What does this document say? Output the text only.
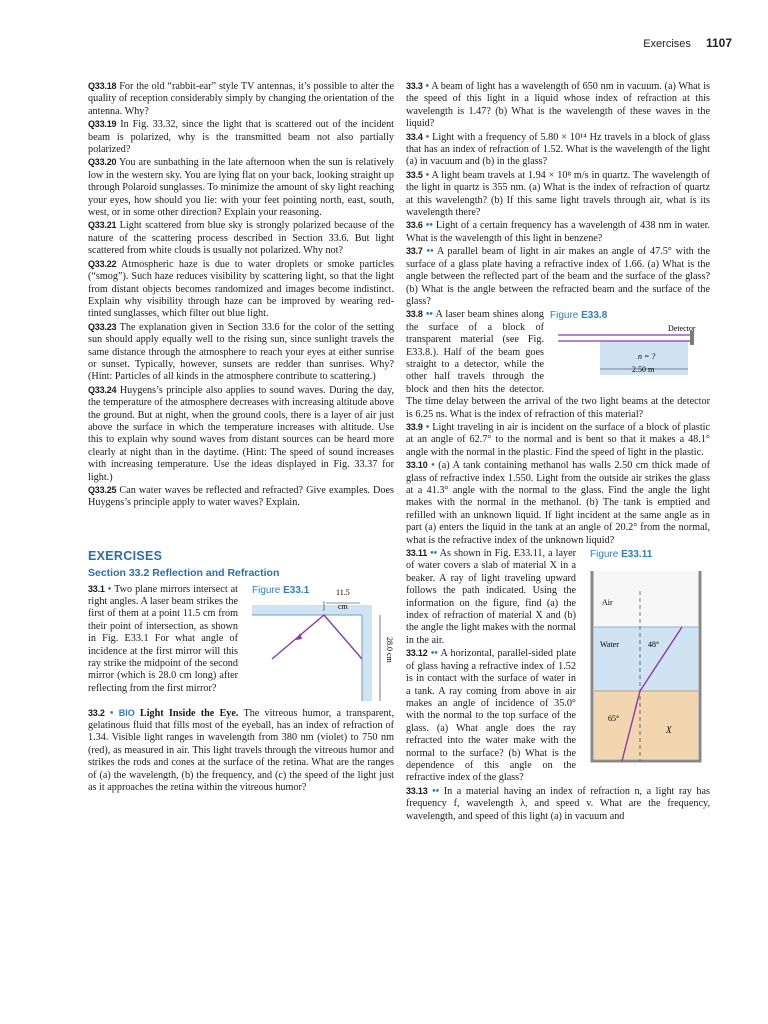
Exercises 1107
Q33.18 For the old “rabbit-ear” style TV antennas, it’s possible to alter the quality of reception considerably simply by changing the orientation of the antenna. Why?
Q33.19 In Fig. 33.32, since the light that is scattered out of the incident beam is polarized, why is the transmitted beam not also partially polarized?
Q33.20 You are sunbathing in the late afternoon when the sun is relatively low in the western sky. You are lying flat on your back, looking straight up through Polaroid sunglasses. To minimize the amount of sky light reaching your eyes, how should you lie: with your feet pointing north, east, south, west, or in some other direction? Explain your reasoning.
Q33.21 Light scattered from blue sky is strongly polarized because of the nature of the scattering process described in Section 33.6. But light scattered from white clouds is usually not polarized. Why not?
Q33.22 Atmospheric haze is due to water droplets or smoke particles (“smog”). Such haze reduces visibility by scattering light, so that the light from distant objects becomes randomized and images become indistinct. Explain why visibility through haze can be improved by wearing red-tinted sunglasses, which filter out blue light.
Q33.23 The explanation given in Section 33.6 for the color of the setting sun should apply equally well to the rising sun, since sunlight travels the same distance through the atmosphere to reach your eyes at either sunrise or sunset. Typically, however, sunsets are redder than sunrises. Why? (Hint: Particles of all kinds in the atmosphere contribute to scattering.)
Q33.24 Huygens’s principle also applies to sound waves. During the day, the temperature of the atmosphere decreases with increasing altitude above the ground. But at night, when the ground cools, there is a layer of air just above the surface in which the temperature increases with altitude. Use this to explain why sound waves from distant sources can be heard more clearly at night than in the daytime. (Hint: The speed of sound increases with increasing temperature. Use the ideas displayed in Fig. 33.37 for light.)
Q33.25 Can water waves be reflected and refracted? Give examples. Does Huygens’s principle apply to water waves? Explain.
EXERCISES
Section 33.2 Reflection and Refraction
Figure E33.1	11.5
cm
28.0 cm
33.1 • Two plane mirrors intersect at right angles. A laser beam strikes the first of them at a point 11.5 cm from their point of intersection, as shown in Fig. E33.1 For what angle of incidence at the first mirror will this ray strike the midpoint of the second mirror (which is 28.0 cm long) after reflecting from the first mirror?
33.2 • BIO Light Inside the Eye. The vitreous humor, a transparent, gelatinous fluid that fills most of the eyeball, has an index of refraction of 1.34. Visible light ranges in wavelength from 380 nm (violet) to 750 nm (red), as measured in air. This light travels through the vitreous humor and strikes the rods and cones at the surface of the retina. What are the ranges of (a) the wavelength, (b) the frequency, and (c) the speed of the light just as it approaches the retina within the vitreous humor?
33.3 • A beam of light has a wavelength of 650 nm in vacuum. (a) What is the speed of this light in a liquid whose index of refraction at this wavelength is 1.47? (b) What is the wavelength of these waves in the liquid?
33.4 • Light with a frequency of 5.80 × 10¹⁴ Hz travels in a block of glass that has an index of refraction of 1.52. What is the wavelength of the light (a) in vacuum and (b) in the glass?
33.5 • A light beam travels at 1.94 × 10⁸ m/s in quartz. The wavelength of the light in quartz is 355 nm. (a) What is the index of refraction of quartz at this wavelength? (b) If this same light travels through air, what is its wavelength there?
33.6 •• Light of a certain frequency has a wavelength of 438 nm in water. What is the wavelength of this light in benzene?
33.7 •• A parallel beam of light in air makes an angle of 47.5° with the surface of a glass plate having a refractive index of 1.66. (a) What is the angle between the reflected part of the beam and the surface of the glass? (b) What is the angle between the refracted beam and the surface of the glass?
Figure E33.8
Detector
n = ?
2.50 m
33.8 •• A laser beam shines along the surface of a block of transparent material (see Fig. E33.8.). Half of the beam goes straight to a detector, while the other half travels through the block and then hits the detector. The time delay between the arrival of the two light beams at the detector is 6.25 ns. What is the index of refraction of this material?
33.9 • Light traveling in air is incident on the surface of a block of plastic at an angle of 62.7° to the normal and is bent so that it makes a 48.1° angle with the normal in the plastic. Find the speed of light in the plastic.
33.10 • (a) A tank containing methanol has walls 2.50 cm thick made of glass of refractive index 1.550. Light from the outside air strikes the glass at a 41.3° angle with the normal to the glass. Find the angle the light makes with the normal in the methanol. (b) The tank is emptied and refilled with an unknown liquid. If light incident at the same angle as in part (a) enters the liquid in the tank at an angle of 20.2° from the normal, what is the refractive index of the unknown liquid?
Figure E33.11
Air
Water	48°
65°
X
33.11 •• As shown in Fig. E33.11, a layer of water covers a slab of material X in a beaker. A ray of light traveling upward follows the path indicated. Using the information on the figure, find (a) the index of refraction of material X and (b) the angle the light makes with the normal in the air.
33.12 •• A horizontal, parallel-sided plate of glass having a refractive index of 1.52 is in contact with the surface of water in a tank. A ray coming from above in air makes an angle of incidence of 35.0° with the normal to the top surface of the glass. (a) What angle does the ray refracted into the water make with the normal to the surface? (b) What is the dependence of this angle on the refractive index of the glass?
33.13 •• In a material having an index of refraction n, a light ray has frequency f, wavelength λ, and speed v. What are the frequency, wavelength, and speed of this light (a) in vacuum and
